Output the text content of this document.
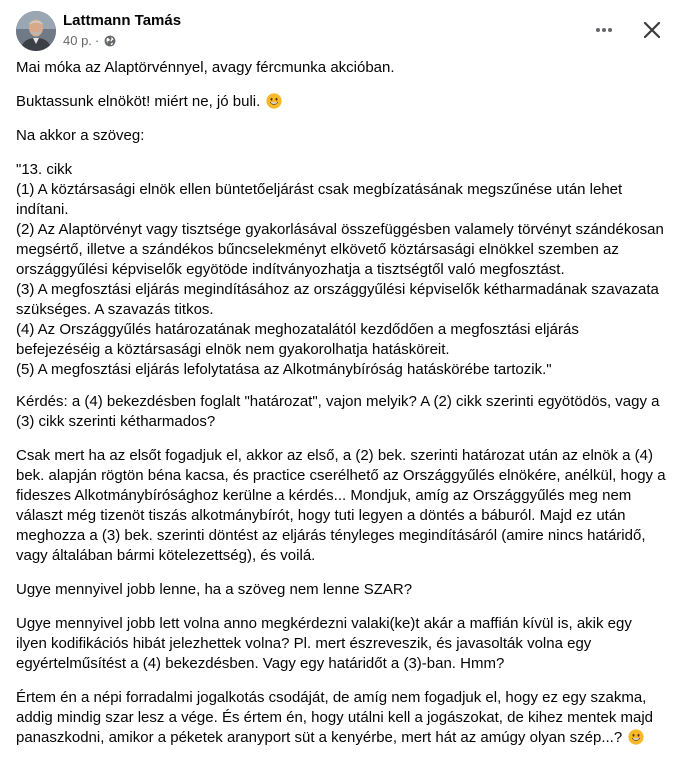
Lattmann Tamás
40 p. ·

Mai móka az Alaptörvénnyel, avagy fércmunka akcióban.

Buktassunk elnököt! miért ne, jó buli.

Na akkor a szöveg:

"13. cikk
(1) A köztársasági elnök ellen büntetőeljárást csak megbízatásának megszűnése után lehet indítani.
(2) Az Alaptörvényt vagy tisztsége gyakorlásával összefüggésben valamely törvényt szándékosan megsértő, illetve a szándékos bűncselekményt elkövető köztársasági elnökkel szemben az országgyűlési képviselők egyötöde indítványozhatja a tisztségtől való megfosztást.
(3) A megfosztási eljárás megindításához az országgyűlési képviselők kétharmadának szavazata szükséges. A szavazás titkos.
(4) Az Országgyűlés határozatának meghozatalától kezdődően a megfosztási eljárás befejezéséig a köztársasági elnök nem gyakorolhatja hatásköreit.
(5) A megfosztási eljárás lefolytatása az Alkotmánybíróság hatáskörébe tartozik."

Kérdés: a (4) bekezdésben foglalt "határozat", vajon melyik? A (2) cikk szerinti egyötödös, vagy a (3) cikk szerinti kétharmados?

Csak mert ha az elsőt fogadjuk el, akkor az első, a (2) bek. szerinti határozat után az elnök a (4) bek. alapján rögtön béna kacsa, és practice cserélhető az Országgyűlés elnökére, anélkül, hogy a fideszes Alkotmánybírósághoz kerülne a kérdés... Mondjuk, amíg az Országgyűlés meg nem választ még tizenöt tiszás alkotmánybírót, hogy tuti legyen a döntés a báburól. Majd ez után meghozza a (3) bek. szerinti döntést az eljárás tényleges megindításáról (amire nincs határidő, vagy általában bármi kötelezettség), és voilá.

Ugye mennyivel jobb lenne, ha a szöveg nem lenne SZAR?

Ugye mennyivel jobb lett volna anno megkérdezni valaki(ke)t akár a maffián kívül is, akik egy ilyen kodifikációs hibát jelezhettek volna? Pl. mert észreveszik, és javasolták volna egy egyértelműsítést a (4) bekezdésben. Vagy egy határidőt a (3)-ban. Hmm?

Értem én a népi forradalmi jogalkotás csodáját, de amíg nem fogadjuk el, hogy ez egy szakma, addig mindig szar lesz a vége. És értem én, hogy utálni kell a jogászokat, de kihez mentek majd panaszkodni, amikor a péketek aranyport süt a kenyérbe, mert hát az amúgy olyan szép...?
